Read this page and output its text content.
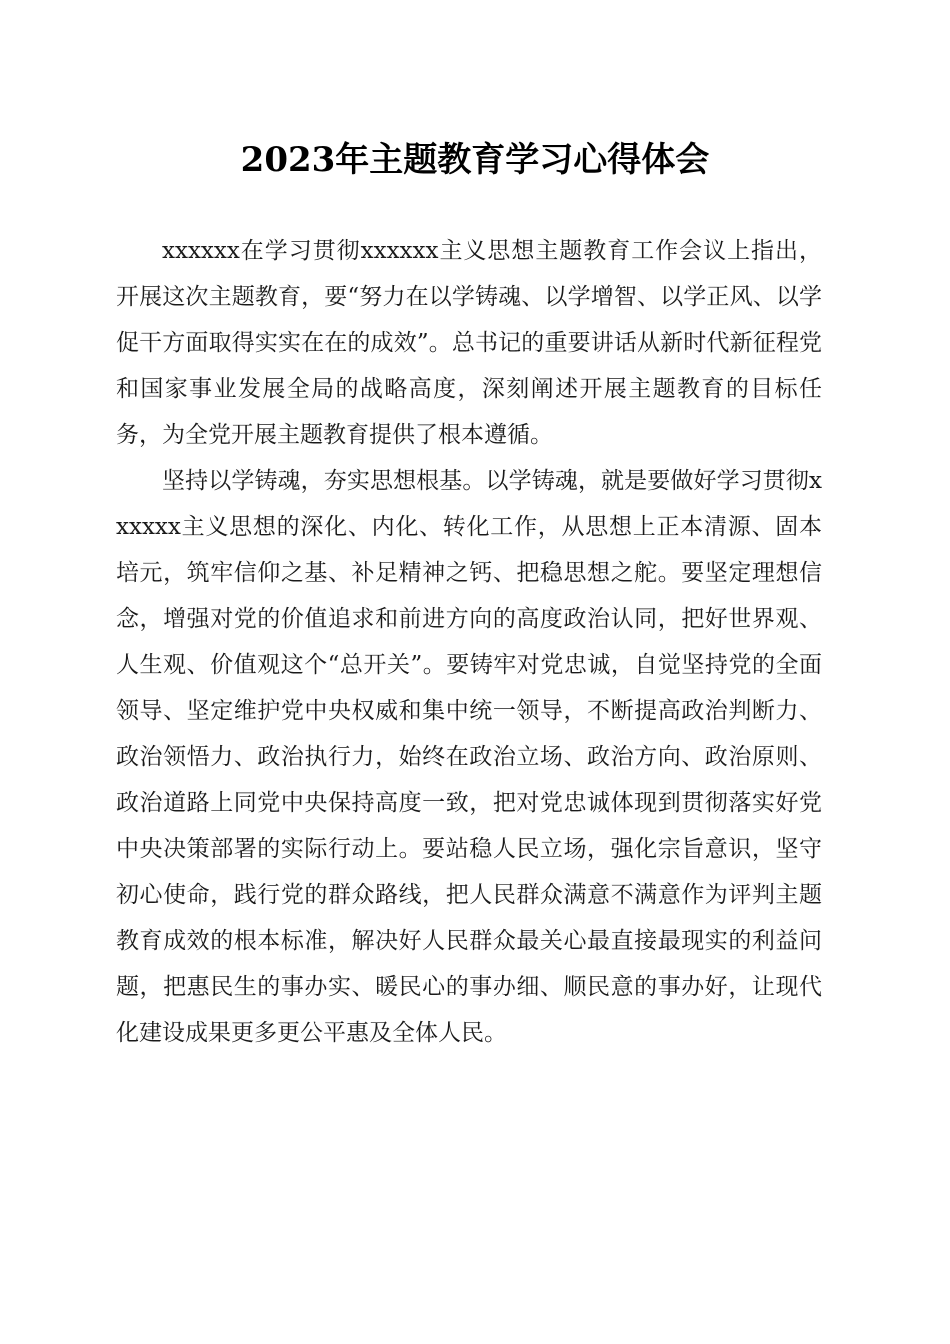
2023年主题教育学习心得体会

xxxxxx在学习贯彻xxxxxx主义思想主题教育工作会议上指出，开展这次主题教育，要“努力在以学铸魂、以学增智、以学正风、以学促干方面取得实实在在的成效”。总书记的重要讲话从新时代新征程党和国家事业发展全局的战略高度，深刻阐述开展主题教育的目标任务，为全党开展主题教育提供了根本遵循。

坚持以学铸魂，夯实思想根基。以学铸魂，就是要做好学习贯彻xxxxxx主义思想的深化、内化、转化工作，从思想上正本清源、固本培元，筑牢信仰之基、补足精神之钙、把稳思想之舵。要坚定理想信念，增强对党的价值追求和前进方向的高度政治认同，把好世界观、人生观、价值观这个“总开关”。要铸牢对党忠诚，自觉坚持党的全面领导、坚定维护党中央权威和集中统一领导，不断提高政治判断力、政治领悟力、政治执行力，始终在政治立场、政治方向、政治原则、政治道路上同党中央保持高度一致，把对党忠诚体现到贯彻落实好党中央决策部署的实际行动上。要站稳人民立场，强化宗旨意识，坚守初心使命，践行党的群众路线，把人民群众满意不满意作为评判主题教育成效的根本标准，解决好人民群众最关心最直接最现实的利益问题，把惠民生的事办实、暖民心的事办细、顺民意的事办好，让现代化建设成果更多更公平惠及全体人民。
